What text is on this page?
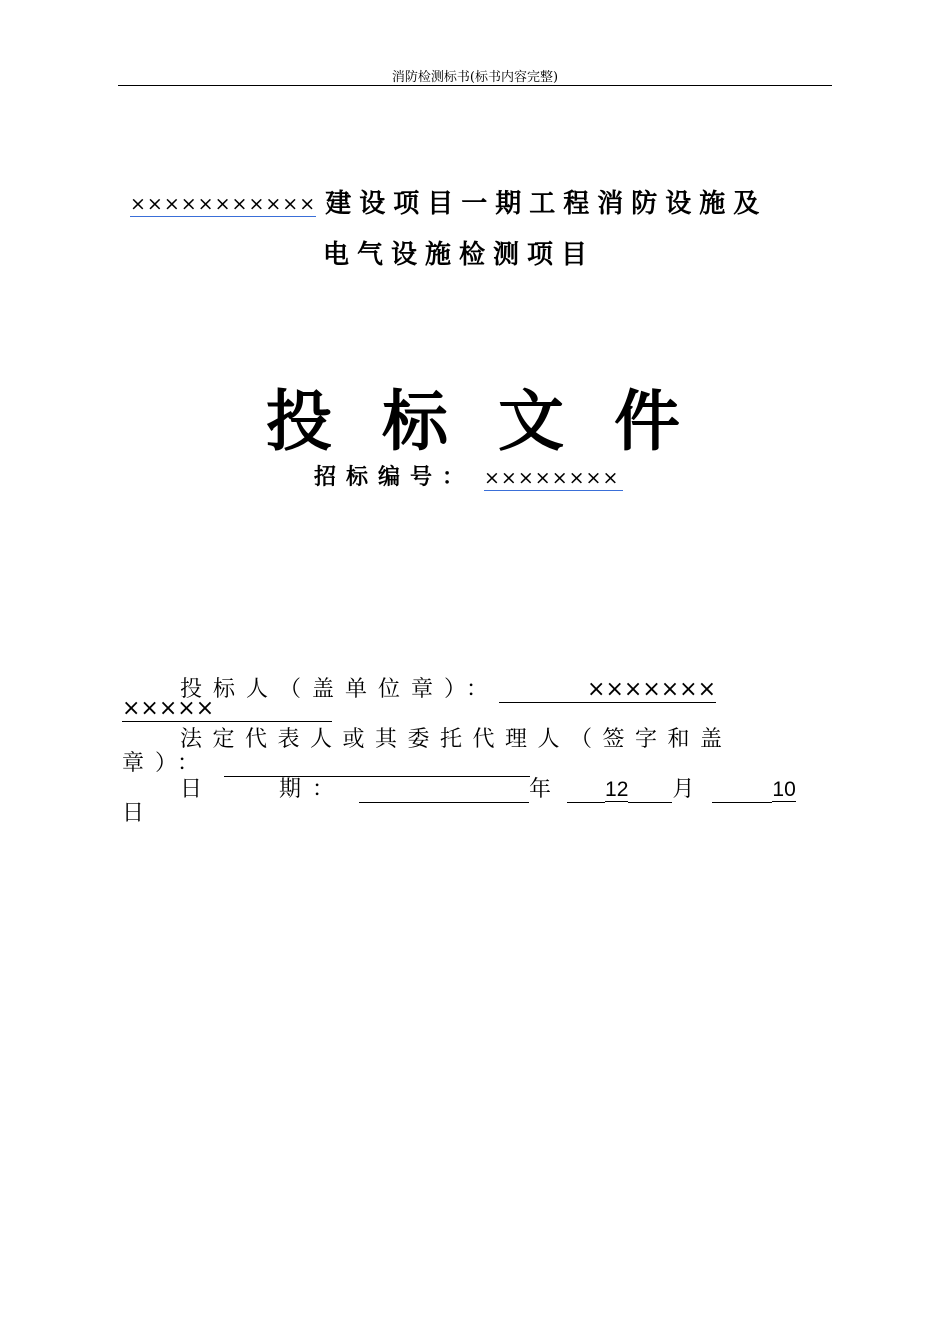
消防检测标书(标书内容完整)
××××××××××× 建设项目一期工程消防设施及
电气设施检测项目
投标文件
招标编号： ××××××××
投标人（盖单位章）：	×××××××
×××××
法定代表人或其委托代理人（签字和盖
章）：
日　　期：	年	12 月	10
日
